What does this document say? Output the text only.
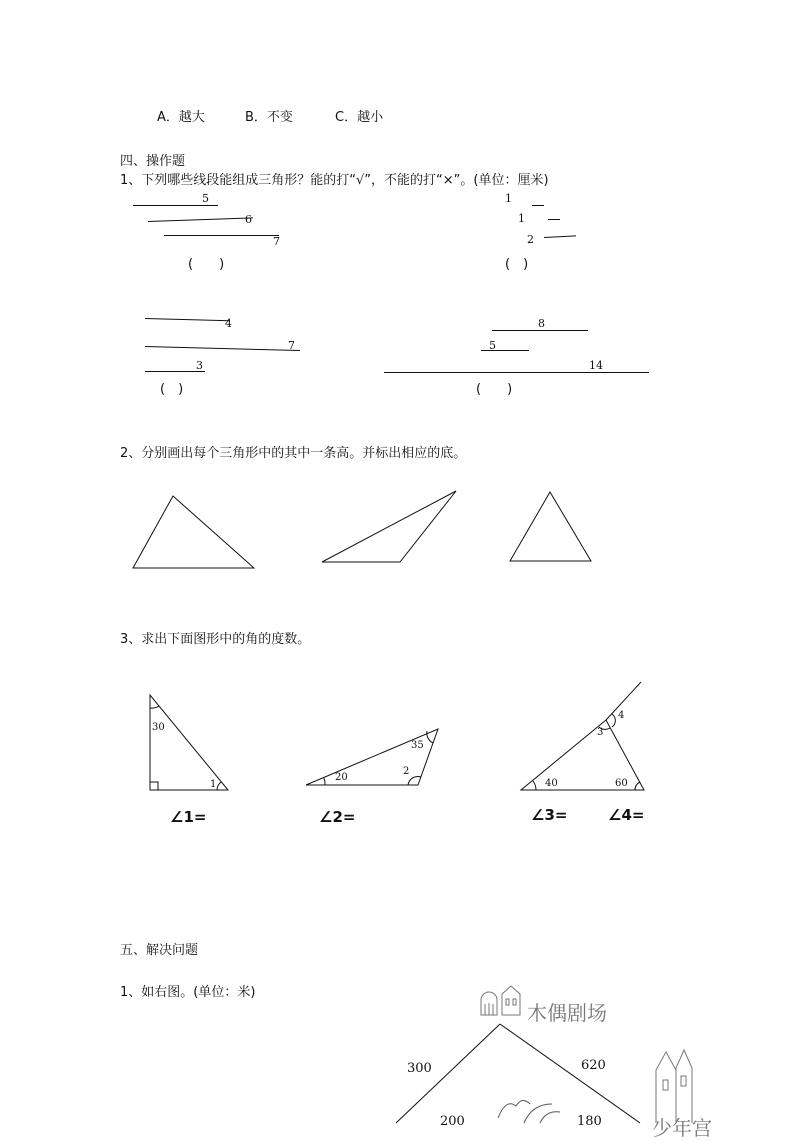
A．越大	B．不变	C．越小
四、操作题
1、下列哪些线段能组成三角形？能的打“√”，不能的打“×”。(单位：厘米)
5
6
7
(　　)
1
1
2
(　)
4
7
3
(　)
8
5
14
(　　)
2、分别画出每个三角形中的其中一条高。并标出相应的底。
3、求出下面图形中的角的度数。
30
1
∠1=
20
35
2
∠2=
40	60
3
4
∠3=	∠4=
五、解决问题
1、如右图。(单位：米)
木偶剧场
300	620
200	180	少年宫
